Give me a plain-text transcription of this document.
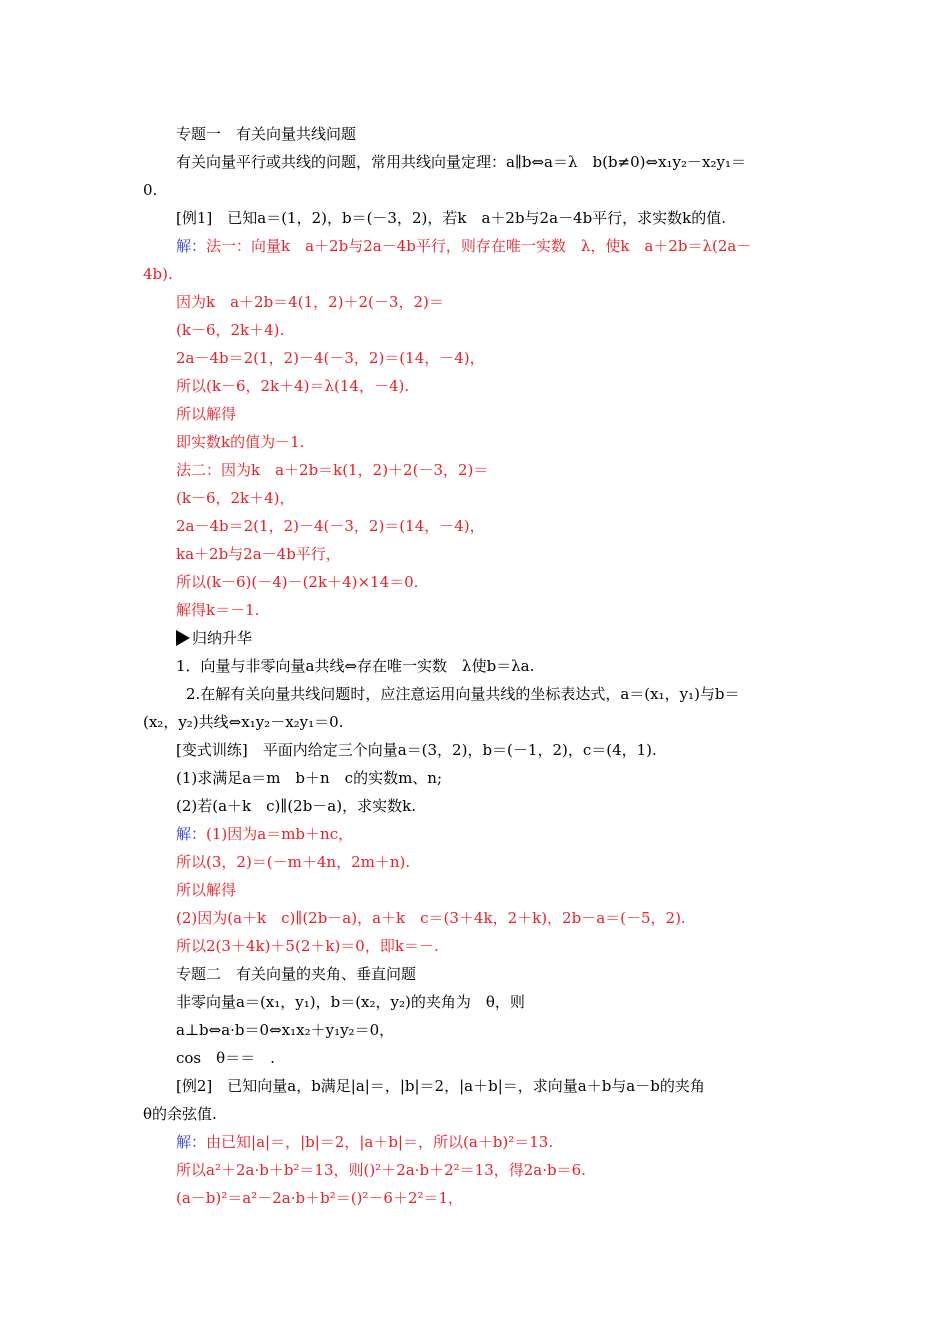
专题一　有关向量共线问题
有关向量平行或共线的问题，常用共线向量定理：a∥b⇔a＝λ　b(b≠0)⇔x₁y₂－x₂y₁＝
0.
[例1]　已知a＝(1，2)，b＝(－3，2)，若k　a＋2b与2a－4b平行，求实数k的值.
解：法一：向量k　a＋2b与2a－4b平行，则存在唯一实数　λ，使k　a＋2b＝λ(2a－
4b).
因为k　a＋2b＝4(1，2)＋2(－3，2)＝
(k－6，2k＋4).
2a－4b＝2(1，2)－4(－3，2)＝(14，－4)，
所以(k－6，2k＋4)＝λ(14，－4).
所以解得
即实数k的值为－1.
法二：因为k　a＋2b＝k(1，2)＋2(－3，2)＝
(k－6，2k＋4)，
2a－4b＝2(1，2)－4(－3，2)＝(14，－4)，
ka＋2b与2a－4b平行，
所以(k－6)(－4)－(2k＋4)×14＝0.
解得k＝－1.
归纳升华
1．向量与非零向量a共线⇔存在唯一实数　λ使b＝λa.
2.在解有关向量共线问题时，应注意运用向量共线的坐标表达式，a＝(x₁，y₁)与b＝
(x₂，y₂)共线⇔x₁y₂－x₂y₁＝0.
[变式训练]　平面内给定三个向量a＝(3，2)，b＝(－1，2)，c＝(4，1).
(1)求满足a＝m　b＋n　c的实数m、n;
(2)若(a＋k　c)∥(2b－a)，求实数k.
解：(1)因为a＝mb＋nc，
所以(3，2)＝(－m＋4n，2m＋n).
所以解得
(2)因为(a＋k　c)∥(2b－a)，a＋k　c＝(3＋4k，2＋k)，2b－a＝(－5，2).
所以2(3＋4k)＋5(2＋k)＝0，即k＝－.
专题二　有关向量的夹角、垂直问题
非零向量a＝(x₁，y₁)，b＝(x₂，y₂)的夹角为　θ，则
a⊥b⇔a·b＝0⇔x₁x₂＋y₁y₂＝0，
cos　θ＝＝　.
[例2]　已知向量a，b满足|a|＝，|b|＝2，|a＋b|＝，求向量a＋b与a－b的夹角
θ的余弦值.
解：由已知|a|＝，|b|＝2，|a＋b|＝，所以(a＋b)²＝13.
所以a²＋2a·b＋b²＝13，则()²＋2a·b＋2²＝13，得2a·b＝6.
(a－b)²＝a²－2a·b＋b²＝()²－6＋2²＝1，
